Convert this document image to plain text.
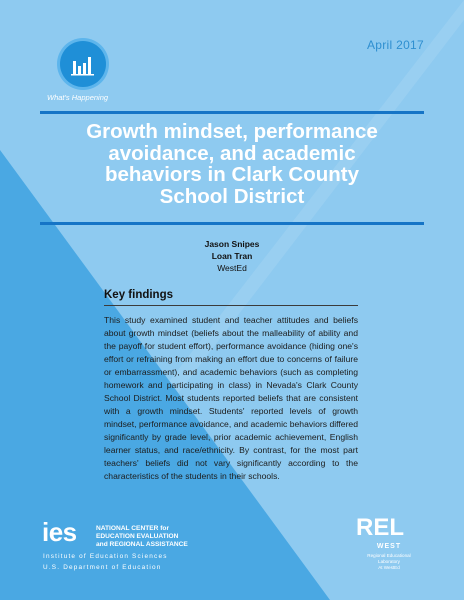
April 2017
What's Happening
Growth mindset, performance
avoidance, and academic
behaviors in Clark County
School District
Jason Snipes
Loan Tran
WestEd
Key findings
This study examined student and teacher attitudes and beliefs about growth mindset (beliefs about the malleability of ability and the payoff for student effort), performance avoidance (hiding one's effort or refraining from making an effort due to concerns of failure or embarrassment), and academic behaviors (such as completing homework and participating in class) in Nevada's Clark County School District. Most students reported beliefs that are consistent with a growth mindset. Students' reported levels of growth mindset, performance avoidance, and academic behaviors differed significantly by grade level, prior academic achievement, English learner status, and race/ethnicity. By contrast, for the most part teachers' beliefs did not vary significantly according to the characteristics of the students in their schools.
ies	NATIONAL CENTER for
EDUCATION EVALUATION
and REGIONAL ASSISTANCE
Institute of Education Sciences
U.S. Department of Education
REL
WEST
Regional Educational Laboratory
At WestEd
